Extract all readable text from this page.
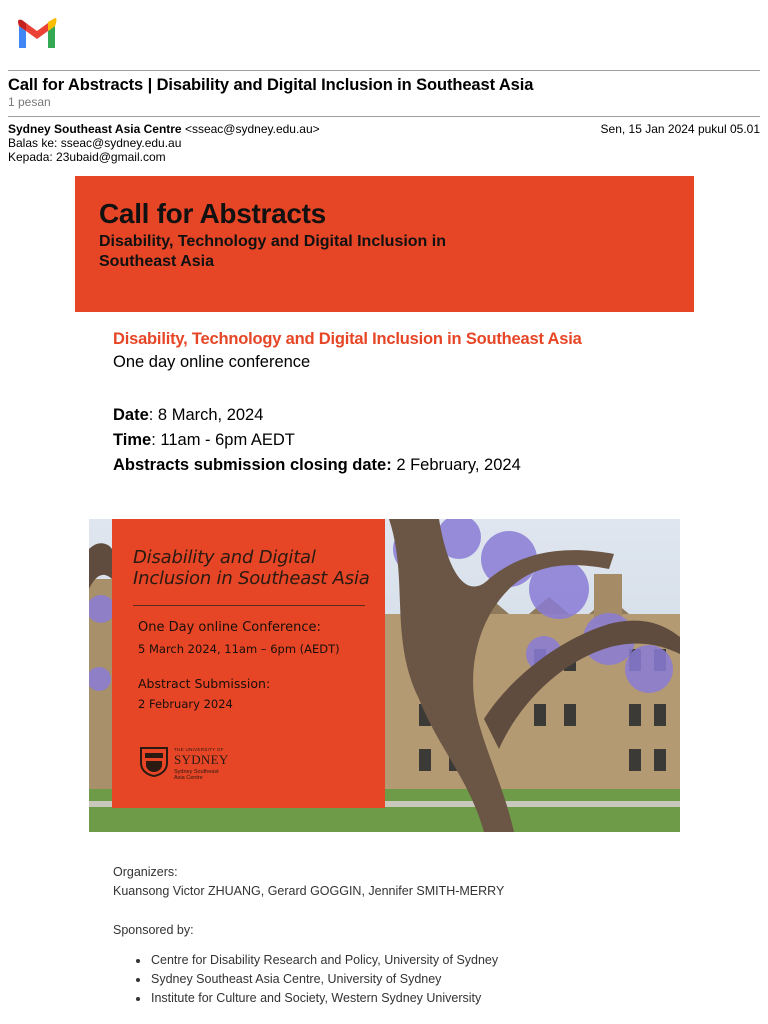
Call for Abstracts | Disability and Digital Inclusion in Southeast Asia
1 pesan
Sydney Southeast Asia Centre <sseac@sydney.edu.au>	Sen, 15 Jan 2024 pukul 05.01
Balas ke: sseac@sydney.edu.au
Kepada: 23ubaid@gmail.com
Call for Abstracts
Disability, Technology and Digital Inclusion in Southeast Asia
Disability, Technology and Digital Inclusion in Southeast Asia
One day online conference
Date: 8 March, 2024
Time: 11am - 6pm AEDT
Abstracts submission closing date: 2 February, 2024
Disability and Digital
Inclusion in Southeast Asia
One Day online Conference:
5 March 2024, 11am – 6pm (AEDT)
Abstract Submission:
2 February 2024
THE UNIVERSITY OF
SYDNEY
Sydney Southeast
Asia Centre
Organizers:
Kuansong Victor ZHUANG, Gerard GOGGIN, Jennifer SMITH-MERRY
Sponsored by:
Centre for Disability Research and Policy, University of Sydney
Sydney Southeast Asia Centre, University of Sydney
Institute for Culture and Society, Western Sydney University
